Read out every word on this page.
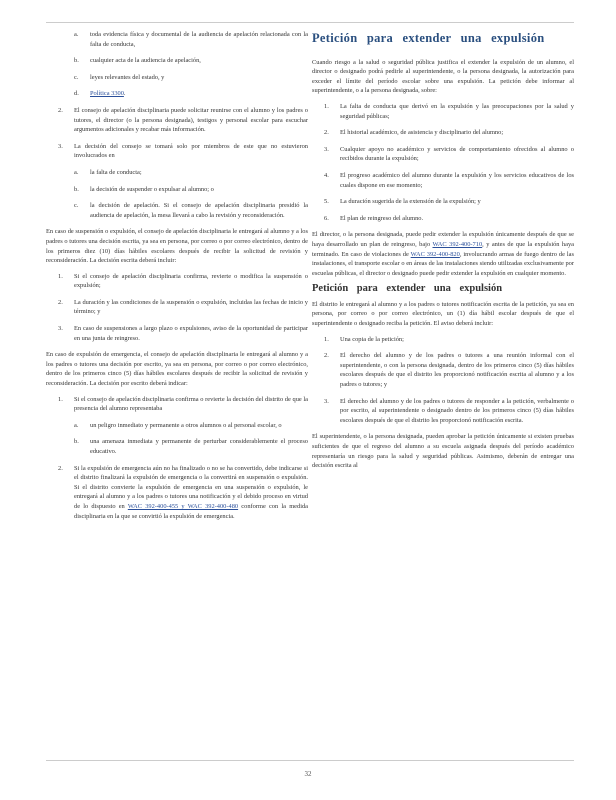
a.	toda evidencia física y documental de la audiencia de apelación relacionada con la falta de conducta,
b.	cualquier acta de la audiencia de apelación,
c.	leyes relevantes del estado, y
d.	Política 3300.
2.	El consejo de apelación disciplinaria puede solicitar reunirse con el alumno y los padres o tutores, el director (o la persona designada), testigos y personal escolar para escuchar argumentos adicionales y recabar más información.
3.	La decisión del consejo se tomará solo por miembros de este que no estuvieron involucrados en
a.	la falta de conducta;
b.	la decisión de suspender o expulsar al alumno; o
c.	la decisión de apelación. Si el consejo de apelación disciplinaria presidió la audiencia de apelación, la mesa llevará a cabo la revisión y reconsideración.

En caso de suspensión o expulsión, el consejo de apelación disciplinaria le entregará al alumno y a los padres o tutores una decisión escrita, ya sea en persona, por correo o por correo electrónico, dentro de los primeros diez (10) días hábiles escolares después de recibir la solicitud de revisión y reconsideración. La decisión escrita deberá incluir:

1.	Si el consejo de apelación disciplinaria confirma, revierte o modifica la suspensión o expulsión;
2.	La duración y las condiciones de la suspensión o expulsión, incluidas las fechas de inicio y término; y
3.	En caso de suspensiones a largo plazo o expulsiones, aviso de la oportunidad de participar en una junta de reingreso.

En caso de expulsión de emergencia, el consejo de apelación disciplinaria le entregará al alumno y a los padres o tutores una decisión por escrito, ya sea en persona, por correo o por correo electrónico, dentro de los primeros cinco (5) días hábiles escolares después de recibir la solicitud de revisión y reconsideración. La decisión por escrito deberá indicar:

1.	Si el consejo de apelación disciplinaria confirma o revierte la decisión del distrito de que la presencia del alumno representaba
a.	un peligro inmediato y permanente a otros alumnos o al personal escolar, o
b.	una amenaza inmediata y permanente de perturbar considerablemente el proceso educativo.
2.	Si la expulsión de emergencia aún no ha finalizado o no se ha convertido, debe indicarse si el distrito finalizará la expulsión de emergencia o la convertirá en suspensión o expulsión. Si el distrito convierte la expulsión de emergencia en una suspensión o expulsión, le entregará al alumno y a los padres o tutores una notificación y el debido proceso en virtud de lo dispuesto en WAC 392-400-455 y WAC 392-400-480 conforme con la medida disciplinaria en la que se convirtió la expulsión de emergencia.
Petición para extender una expulsión

Cuando riesgo a la salud o seguridad pública justifica el extender la expulsión de un alumno, el director o designado podrá pedirle al superintendente, o la persona designada, la autorización para exceder el límite del período escolar sobre una expulsión. La petición debe informar al superintendente, o a la persona designada, sobre:

1.	La falta de conducta que derivó en la expulsión y las preocupaciones por la salud y seguridad públicas;
2.	El historial académico, de asistencia y disciplinario del alumno;
3.	Cualquier apoyo no académico y servicios de comportamiento ofrecidos al alumno o recibidos durante la expulsión;
4.	El progreso académico del alumno durante la expulsión y los servicios educativos de los cuales dispone en ese momento;
5.	La duración sugerida de la extensión de la expulsión; y
6.	El plan de reingreso del alumno.

El director, o la persona designada, puede pedir extender la expulsión únicamente después de que se haya desarrollado un plan de reingreso, bajo WAC 392-400-710, y antes de que la expulsión haya terminado. En caso de violaciones de WAC 392-400-820, involucrando armas de fuego dentro de las instalaciones, el transporte escolar o en áreas de las instalaciones siendo utilizadas exclusivamente por escuelas públicas, el director o designado puede pedir extender la expulsión en cualquier momento.

Petición para extender una expulsión

El distrito le entregará al alumno y a los padres o tutores notificación escrita de la petición, ya sea en persona, por correo o por correo electrónico, un (1) día hábil escolar después de que el superintendente o designado reciba la petición. El aviso deberá incluir:

1.	Una copia de la petición;
2.	El derecho del alumno y de los padres o tutores a una reunión informal con el superintendente, o con la persona designada, dentro de los primeros cinco (5) días hábiles escolares después de que el distrito les proporcionó notificación escrita al alumno y a los padres o tutores; y
3.	El derecho del alumno y de los padres o tutores de responder a la petición, verbalmente o por escrito, al superintendente o designado dentro de los primeros cinco (5) días hábiles escolares después de que el distrito les proporcionó notificación escrita.

El superintendente, o la persona designada, pueden aprobar la petición únicamente si existen pruebas suficientes de que el regreso del alumno a su escuela asignada después del período académico representaría un riesgo para la salud y seguridad públicas. Asimismo, deberán de entregar una decisión escrita al

32
